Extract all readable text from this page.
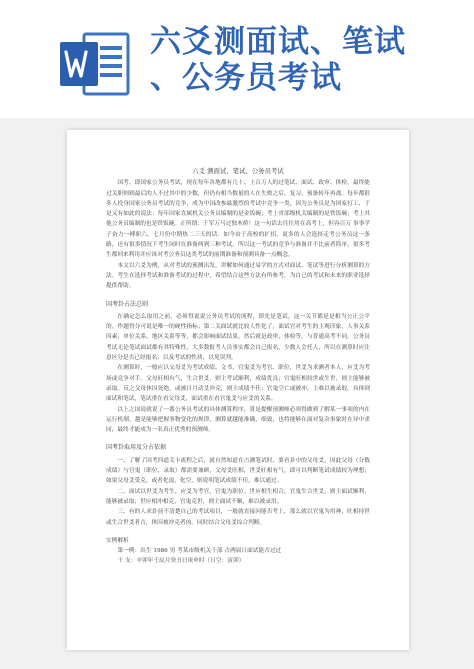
六爻测面试、笔试
、公务员考试

六爻 测面试、笔试、公务员考试

国考、即国家公务员考试，现在每年各地都有几十、上百万人的过笔试、面试、政审、体检，最终能过关职则到最后的人不过其中的少数，但仍有相当数量的人在失败之后，复习、预备转年再战。每年都很多人投身国家公务员考试的竞争，成为中国改参最激烈的考试中竞争一类，因为公务员是为国家打工，于是又有如此的说法：每年国家直属机关公务员编制的是金饭碗；考上省部级机关编制的是铁饭碗；考上其他公务员编制的也是铁饭碗。正所谓：千军万马过独木桥！这一句话去往往用在高考上，但容百万 事事学子奋力一搏职六。七月份中期热二三天的话：如今由于高校的扩招，更多的人会选择走考公务员这一条路，还有很多情况下考生同时在准备两到三种考试，所以这一考试的竞争与准备并不比前者简单，很多考生都回来利用并应该对考公务员这类考试的前期准备和预测具备一点概念。

本文以六爻为例，从对考试的预测出发，讲解如何通过易学的方式对面试、笔试等进行分析测算的方法。考生在选择考试和准备考试的过程中，希望结合这些方法有所参考，为自己的考试和未来的职业选择提供帮助。

国考卦占法总则

在确定怎么取用之前，必须得说说公务员考试的流程，即先是笔试，这一关节都是是相当公正公平的。作题得分可说是唯一的硬性指标；第二关面试就比较人性化了，面试官对考生的主观印象，人事关系因素，单位关系，地区关系等等，都会影响面试结果，然后就是政审、体检等。与普通高考不同，公务员考试无论笔试面试都有其特殊性，大多数报考人员事实都会自己报名，少数人会托人，所以在测算时应注意区分是否已经报名，以及考试的性质，以免误判。

在测算时，一般应以父母爻为考试成绩、文书，官鬼爻为考官、职位，世爻为求测者本人，应爻为考场或竞争对手。父母旺相有气，生合世爻，则主考试顺利，成绩优良；官鬼旺相持世或生世，则主能够被录取。反之父母休囚死绝，或被日月动爻冲克，则主成绩不佳；官鬼空亡或被冲，主难以被录取。具体到面试和笔试，笔试重在看父母爻，面试重在看官鬼爻与应爻的关系。

以上之国说就说了一番公务员考试的具体测算程序，算是提醒预测师必须得做到了解某一事项的内在运行机制，越是能够把握事物变化的规律，测算就越能准确，细致，也将能够在面对复杂事象时在异中求同，最终才能成为一名真正优秀的预测师。

国考卦取用及分占依据

一、了解了国考四道关卡流程之后，就自然知道在占测笔试时，要看卦中的父母爻，因此父母（分数成绩）与官鬼（职位、录取）都需要兼顾，父母爻旺相，世爻旺相有气，即可以判断笔试成绩较为理想；如果父母爻受克，或者化退，化空，则说明笔试成绩不佳，难以通过。

二、面试以世爻为考生，应爻为考官，官鬼为职位。世应相生相合，官鬼生合世爻，则主面试顺利，能够被录取；世应相冲相克，官鬼克世，则主面试不顺，难以被录用。

三、有的人求卦前不清楚自己的考试项目，一般就直接问能否考上，那么就以官鬼为用神，旺相持世或生合世爻者吉，休囚被冲克者凶。同时结合父母爻综合判断。

实例解析

第一例：出生 1986 男 考某市级机关干部 占两届日面试能否过过

干 支：辛卯年壬辰月癸丑日庚申时（日空：寅卯）
